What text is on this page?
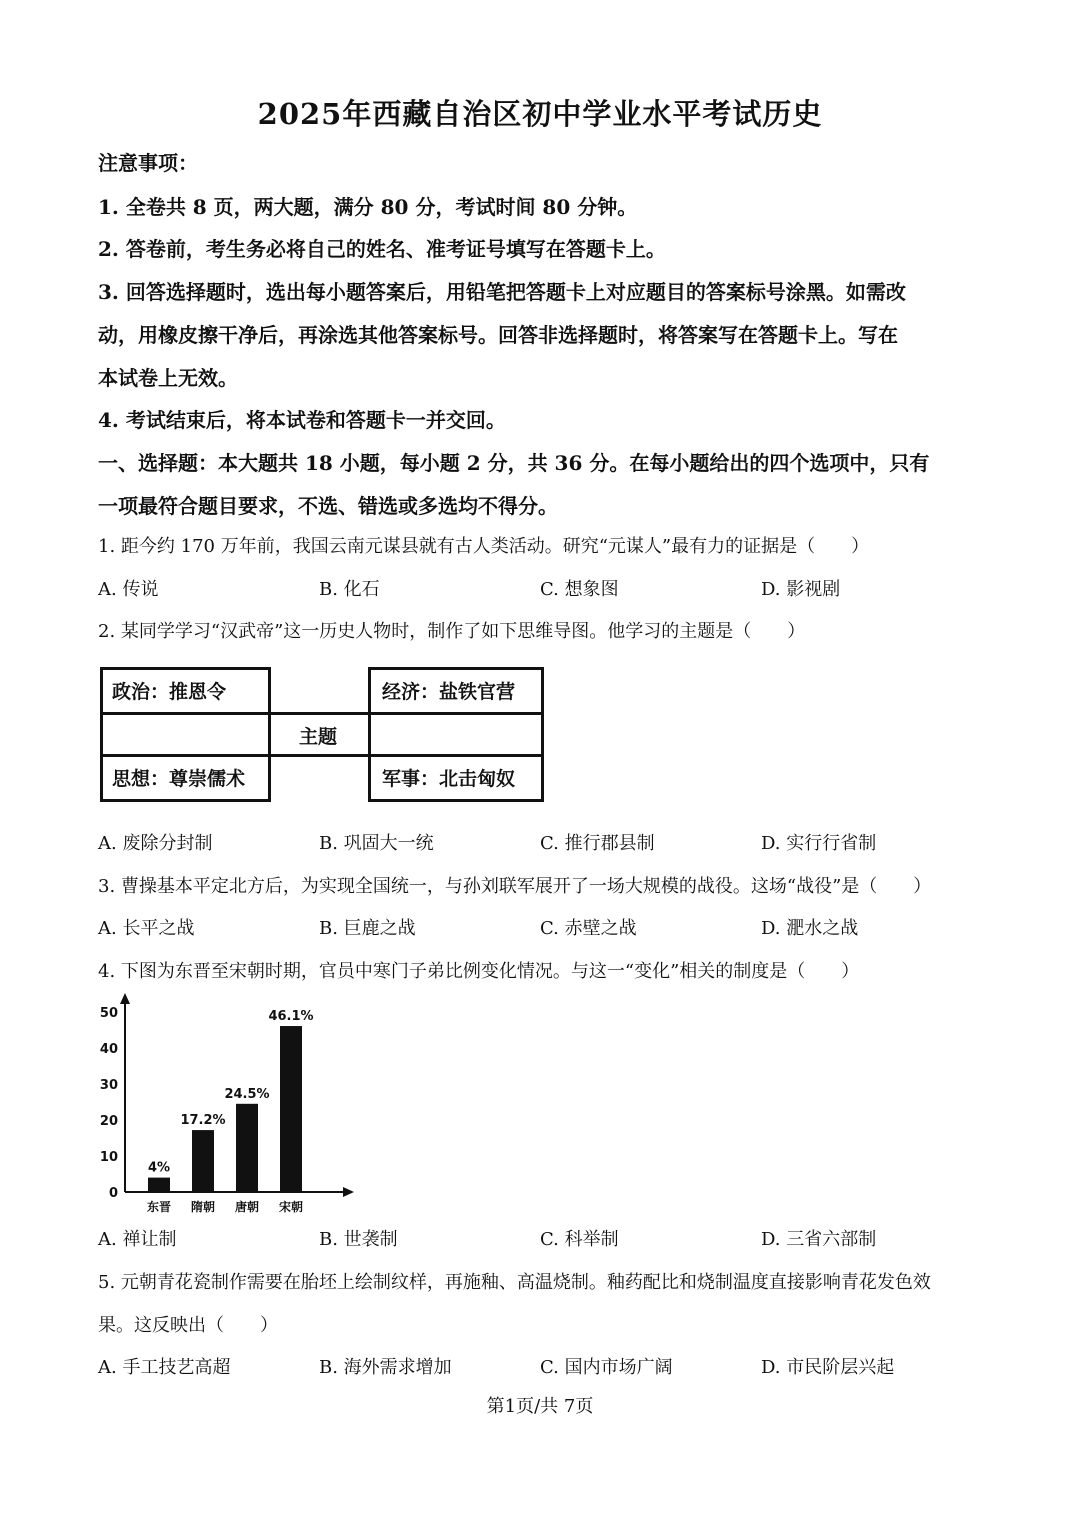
2025年西藏自治区初中学业水平考试历史
注意事项：
1. 全卷共 8 页，两大题，满分 80 分，考试时间 80 分钟。
2. 答卷前，考生务必将自己的姓名、准考证号填写在答题卡上。
3. 回答选择题时，选出每小题答案后，用铅笔把答题卡上对应题目的答案标号涂黑。如需改
动，用橡皮擦干净后，再涂选其他答案标号。回答非选择题时，将答案写在答题卡上。写在
本试卷上无效。
4. 考试结束后，将本试卷和答题卡一并交回。
一、选择题：本大题共 18 小题，每小题 2 分，共 36 分。在每小题给出的四个选项中，只有
一项最符合题目要求，不选、错选或多选均不得分。
1. 距今约 170 万年前，我国云南元谋县就有古人类活动。研究“元谋人”最有力的证据是（　　）
A. 传说	B. 化石	C. 想象图	D. 影视剧
2. 某同学学习“汉武帝”这一历史人物时，制作了如下思维导图。他学习的主题是（　　）
政治：推恩令	经济：盐铁官营
主题
思想：尊崇儒术	军事：北击匈奴
A. 废除分封制	B. 巩固大一统	C. 推行郡县制	D. 实行行省制
3. 曹操基本平定北方后，为实现全国统一，与孙刘联军展开了一场大规模的战役。这场“战役”是（　　）
A. 长平之战	B. 巨鹿之战	C. 赤壁之战	D. 淝水之战
4. 下图为东晋至宋朝时期，官员中寒门子弟比例变化情况。与这一“变化”相关的制度是（　　）
0
10
20
30
40
50
4%
东晋
17.2%
隋朝
24.5%
唐朝
46.1%
宋朝
A. 禅让制	B. 世袭制	C. 科举制	D. 三省六部制
5. 元朝青花瓷制作需要在胎坯上绘制纹样，再施釉、高温烧制。釉药配比和烧制温度直接影响青花发色效
果。这反映出（　　）
A. 手工技艺高超	B. 海外需求增加	C. 国内市场广阔	D. 市民阶层兴起
第1页/共 7页
